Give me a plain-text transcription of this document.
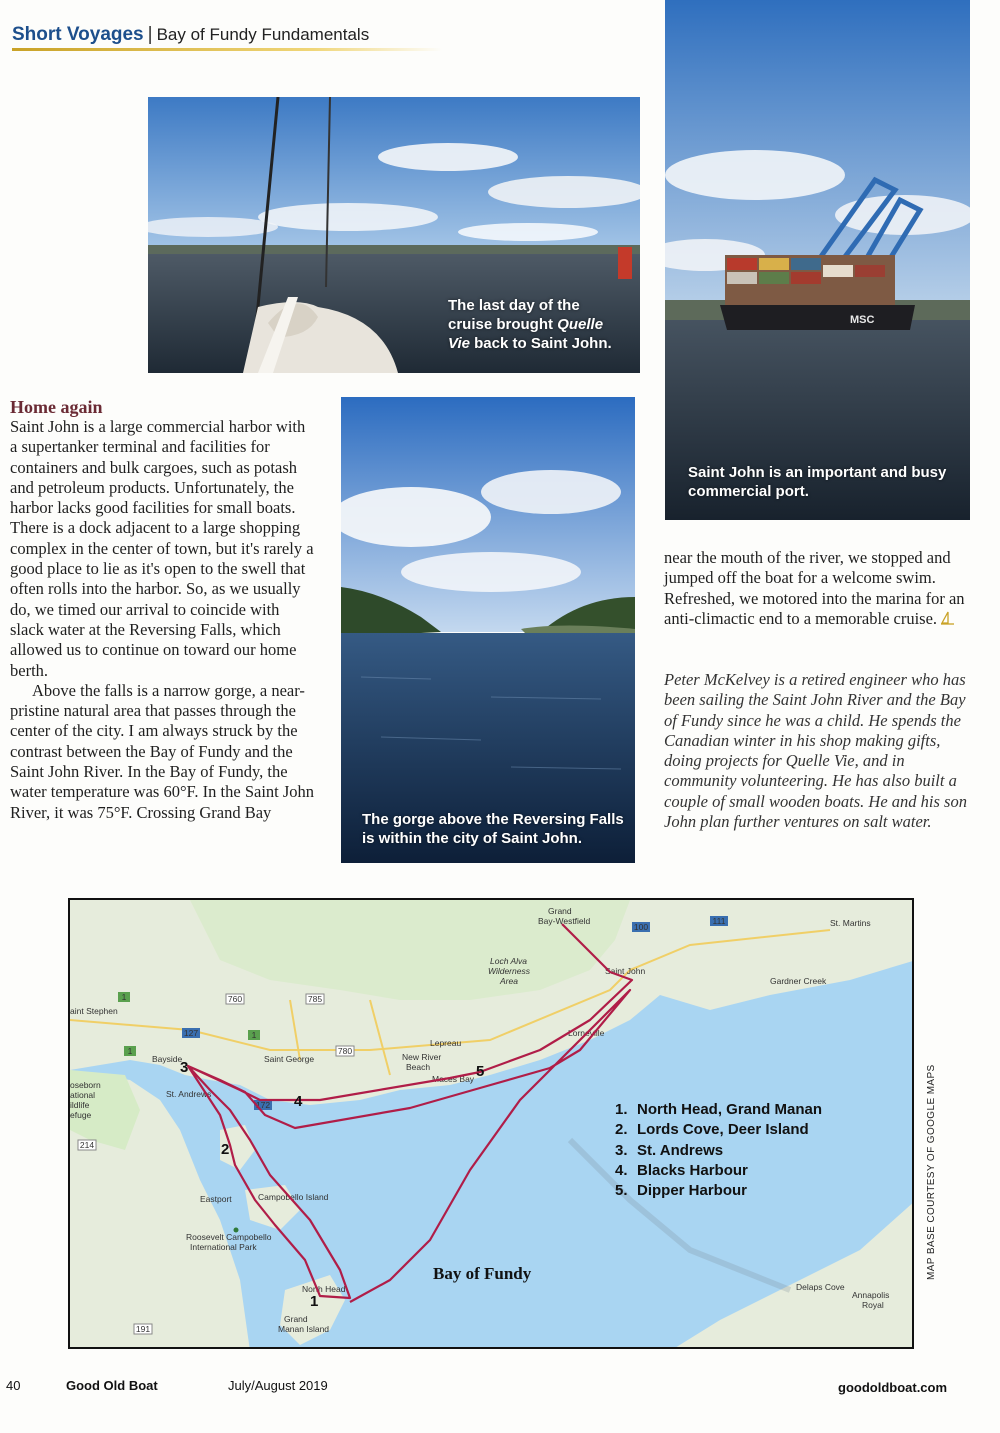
Short Voyages | Bay of Fundy Fundamentals
The last day of the
cruise brought Quelle
Vie back to Saint John.
MSC
Saint John is an important and busy
commercial port.
The gorge above the Reversing Falls
is within the city of Saint John.
Home again

Saint John is a large commercial harbor with a supertanker terminal and facilities for containers and bulk cargoes, such as potash and petroleum products. Unfortunately, the harbor lacks good facilities for small boats. There is a dock adjacent to a large shopping complex in the center of town, but it's rarely a good place to lie as it's open to the swell that often rolls into the harbor. So, as we usually do, we timed our arrival to coincide with slack water at the Reversing Falls, which allowed us to continue on toward our home berth.

Above the falls is a narrow gorge, a near-pristine natural area that passes through the center of the city. I am always struck by the contrast between the Bay of Fundy and the Saint John River. In the Bay of Fundy, the water temperature was 60°F. In the Saint John River, it was 75°F. Crossing Grand Bay

near the mouth of the river, we stopped and jumped off the boat for a welcome swim. Refreshed, we motored into the marina for an anti-climactic end to a memorable cruise.
Peter McKelvey is a retired engineer who has been sailing the Saint John River and the Bay of Fundy since he was a child. He spends the Canadian winter in his shop making gifts, doing projects for Quelle Vie, and in community volunteering. He has also built a couple of small wooden boats. He and his son John plan further ventures on salt water.
1	760	785
780
1
127
1
172
214
111
100
191
Grand
Bay-Westfield
Saint John
St. Martins
Gardner Creek
Loch Alva
Wilderness
Area
Lorneville
Lepreau
New River
Beach
Maces Bay
Saint George
aint Stephen
Bayside
St. Andrews
oseborn
ational
ildlife
efuge
Eastport	Campobello Island
Roosevelt Campobello
International Park
North Head
Grand
Manan Island
Delaps Cove
Annapolis
Royal
1
2
3
4
5
Bay of Fundy
1. North Head, Grand Manan
2. Lords Cove, Deer Island
3. St. Andrews
4. Blacks Harbour
5. Dipper Harbour	MAP BASE COURTESY OF GOOGLE MAPS
40	Good Old Boat	July/August 2019	goodoldboat.com
